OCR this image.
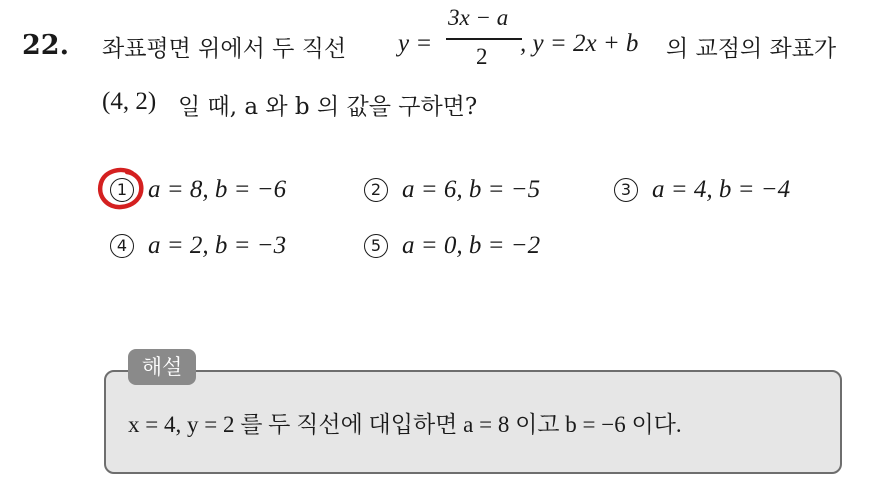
22. 좌표평면 위에서 두 직선 y =
3x − a
2 , y = 2x + b 의 교점의 좌표가
(4, 2) 일 때, a 와 b 의 값을 구하면?
1 a = 8, b = −6	2 a = 6, b = −5	3 a = 4, b = −4
4 a = 2, b = −3	5 a = 0, b = −2
x = 4, y = 2 를 두 직선에 대입하면 a = 8 이고 b = −6 이다.
해설
